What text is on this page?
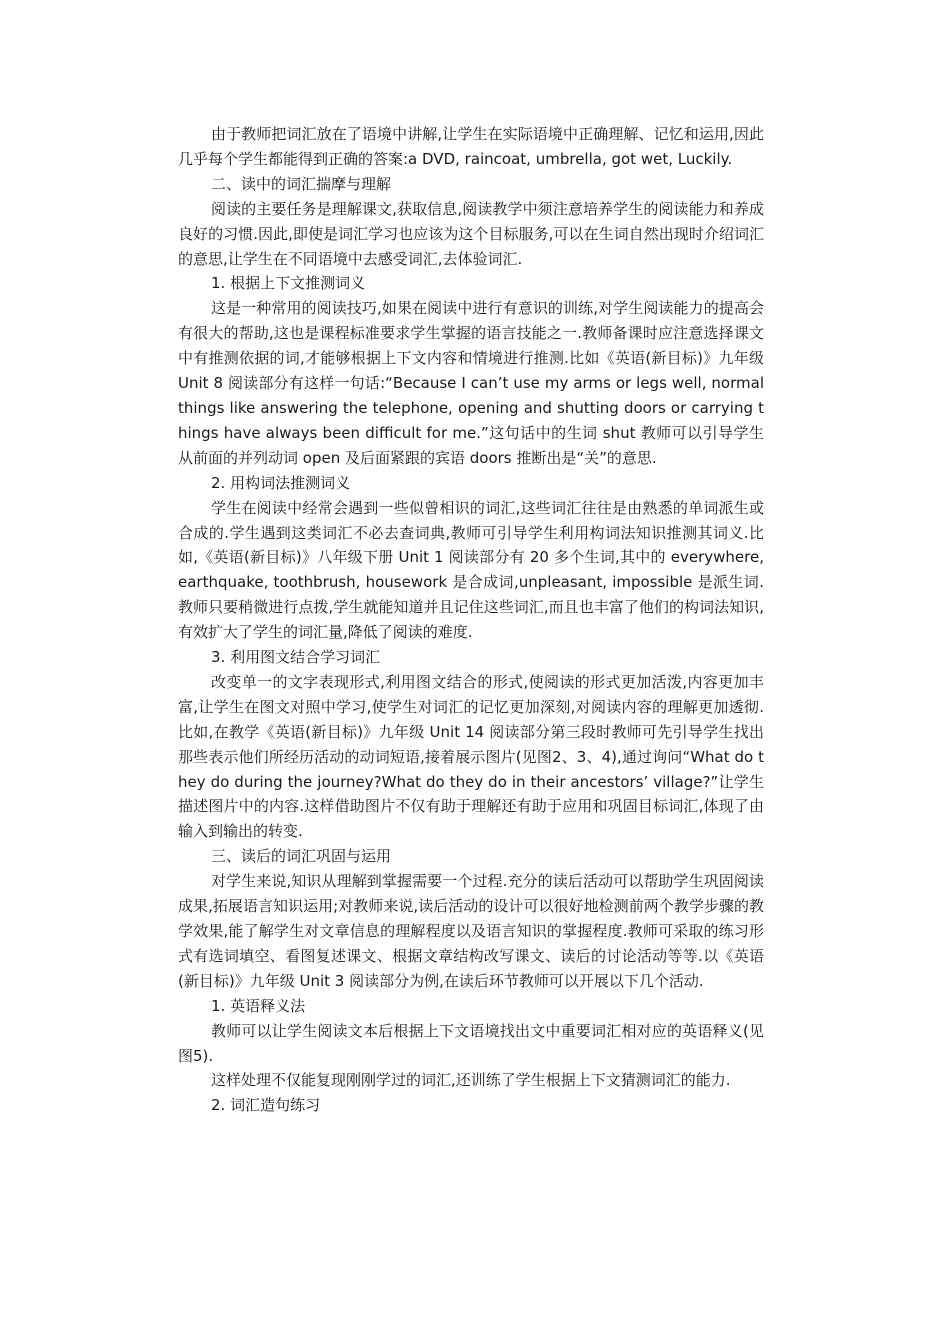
由于教师把词汇放在了语境中讲解,让学生在实际语境中正确理解、记忆和运用,因此几乎每个学生都能得到正确的答案:a DVD, raincoat, umbrella, got wet, Luckily.

二、读中的词汇揣摩与理解

阅读的主要任务是理解课文,获取信息,阅读教学中须注意培养学生的阅读能力和养成良好的习惯.因此,即使是词汇学习也应该为这个目标服务,可以在生词自然出现时介绍词汇的意思,让学生在不同语境中去感受词汇,去体验词汇.

1. 根据上下文推测词义

这是一种常用的阅读技巧,如果在阅读中进行有意识的训练,对学生阅读能力的提高会有很大的帮助,这也是课程标准要求学生掌握的语言技能之一.教师备课时应注意选择课文中有推测依据的词,才能够根据上下文内容和情境进行推测.比如《英语(新目标)》九年级 Unit 8 阅读部分有这样一句话:“Because I can’t use my arms or legs well, normal things like answering the telephone, opening and shutting doors or carrying things have always been difficult for me.”这句话中的生词 shut 教师可以引导学生从前面的并列动词 open 及后面紧跟的宾语 doors 推断出是“关”的意思.

2. 用构词法推测词义

学生在阅读中经常会遇到一些似曾相识的词汇,这些词汇往往是由熟悉的单词派生或合成的.学生遇到这类词汇不必去查词典,教师可引导学生利用构词法知识推测其词义.比如,《英语(新目标)》八年级下册 Unit 1 阅读部分有 20 多个生词,其中的 everywhere, earthquake, toothbrush, housework 是合成词,unpleasant, impossible 是派生词.教师只要稍微进行点拨,学生就能知道并且记住这些词汇,而且也丰富了他们的构词法知识,有效扩大了学生的词汇量,降低了阅读的难度.

3. 利用图文结合学习词汇

改变单一的文字表现形式,利用图文结合的形式,使阅读的形式更加活泼,内容更加丰富,让学生在图文对照中学习,使学生对词汇的记忆更加深刻,对阅读内容的理解更加透彻.比如,在教学《英语(新目标)》九年级 Unit 14 阅读部分第三段时教师可先引导学生找出那些表示他们所经历活动的动词短语,接着展示图片(见图2、3、4),通过询问“What do they do during the journey?What do they do in their ancestors’ village?”让学生描述图片中的内容.这样借助图片不仅有助于理解还有助于应用和巩固目标词汇,体现了由输入到输出的转变.

三、读后的词汇巩固与运用

对学生来说,知识从理解到掌握需要一个过程.充分的读后活动可以帮助学生巩固阅读成果,拓展语言知识运用;对教师来说,读后活动的设计可以很好地检测前两个教学步骤的教学效果,能了解学生对文章信息的理解程度以及语言知识的掌握程度.教师可采取的练习形式有选词填空、看图复述课文、根据文章结构改写课文、读后的讨论活动等等.以《英语(新目标)》九年级 Unit 3 阅读部分为例,在读后环节教师可以开展以下几个活动.

1. 英语释义法

教师可以让学生阅读文本后根据上下文语境找出文中重要词汇相对应的英语释义(见图5).

这样处理不仅能复现刚刚学过的词汇,还训练了学生根据上下文猜测词汇的能力.

2. 词汇造句练习
